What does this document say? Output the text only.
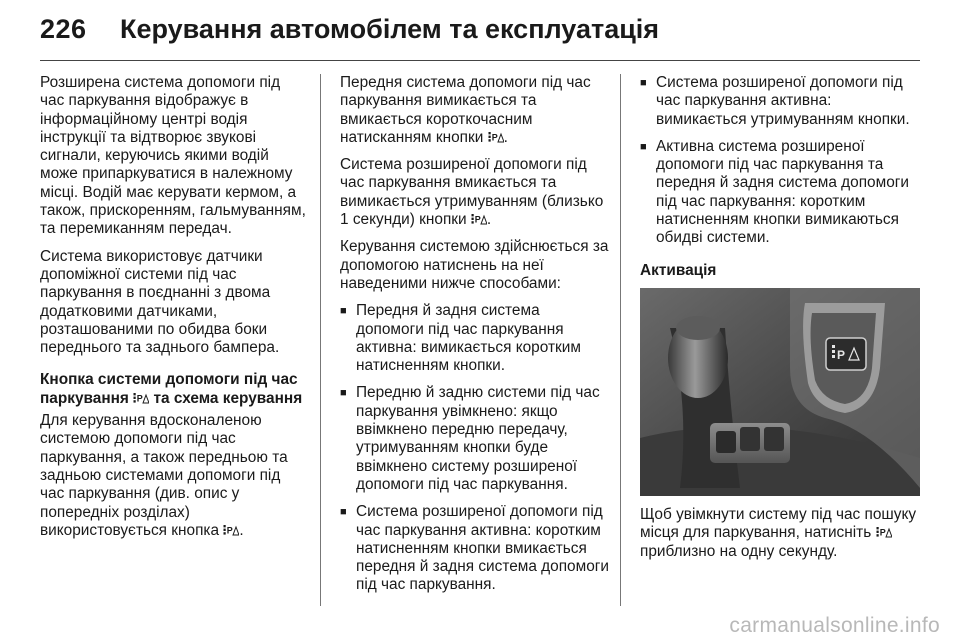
226	Керування автомобілем та експлуатація

Розширена система допомоги під час паркування відображує в інформаційному центрі водія інструкції та відтворює звукові сигнали, керуючись якими водій може припаркуватися в належному місці. Водій має керувати кермом, а також, прискоренням, гальмуванням, та перемиканням передач.

Система використовує датчики допоміжної системи під час паркування в поєднанні з двома додатковими датчиками, розташованими по обидва боки переднього та заднього бампера.

Кнопка системи допомоги під час паркування та схема керування

Для керування вдосконаленою системою допомоги під час паркування, а також передньою та задньою системами допомоги під час паркування (див. опис у попередніх розділах) використовується кнопка .

Передня система допомоги під час паркування вимикається та вмикається короткочасним натисканням кнопки .

Система розширеної допомоги під час паркування вмикається та вимикається утримуванням (близько 1 секунди) кнопки .

Керування системою здійснюється за допомогою натиснень на неї наведеними нижче способами:

■ Передня й задня система допомоги під час паркування активна: вимикається коротким натисненням кнопки.
■ Передню й задню системи під час паркування увімкнено: якщо ввімкнено передню передачу, утримуванням кнопки буде ввімкнено систему розширеної допомоги під час паркування.
■ Система розширеної допомоги під час паркування активна: коротким натисненням кнопки вмикається передня й задня система допомоги під час паркування.
■ Система розширеної допомоги під час паркування активна: вимикається утримуванням кнопки.
■ Активна система розширеної допомоги під час паркування та передня й задня система допомоги під час паркування: коротким натисненням кнопки вимикаються обидві системи.

Активація

P

Щоб увімкнути систему під час пошуку місця для паркування, натисніть  приблизно на одну секунду.

carmanualsonline.info
